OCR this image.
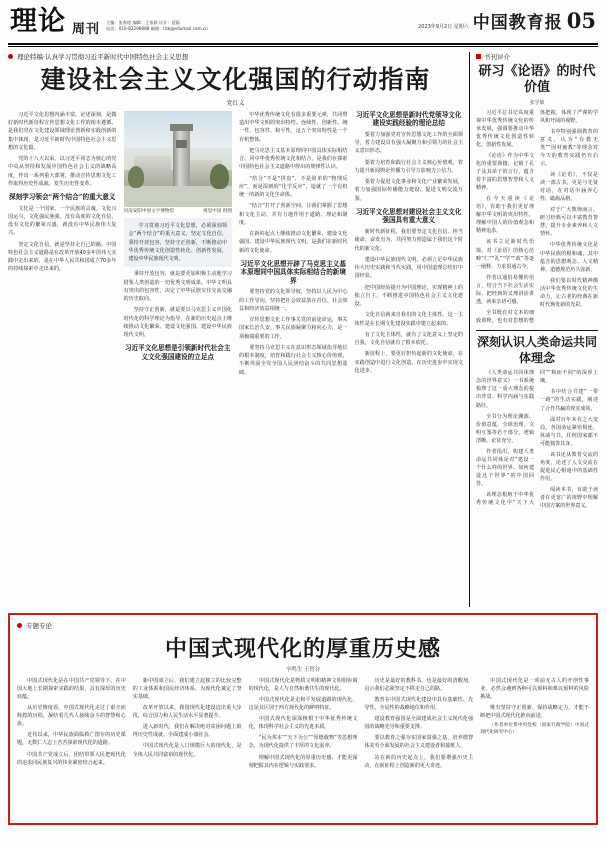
理论 周刊 主编：张春铭 编辑：王家源 设计：聂磊
电话：010-82296888 邮箱：llzk@edumail.com.cn	2023年9月2日 星期六 中国教育报 05
理论特稿·认真学习贯彻习近平新时代中国特色社会主义思想
建设社会主义文化强国的行动指南
党红义

习近平文化思想内涵丰富、论述深刻，是做好新时代新征程宣传思想文化工作的根本遵循，是我们党在文化建设领域理论创新和实践创新的集中体现，是习近平新时代中国特色社会主义思想的文化篇。

党的十八大以来，以习近平同志为核心的党中央从坚持和发展中国特色社会主义的战略高度，作出一系列重大部署，推动宣传思想文化工作取得历史性成就、发生历史性变革。

深刻学习领会“两个结合”的重大意义

文化是一个国家、一个民族的灵魂。文化兴国运兴，文化强民族强。没有高度的文化自信，没有文化的繁荣兴盛，就没有中华民族伟大复兴。

坚定文化自信，就是坚持走自己的路。中国特色社会主义道路是在改革开放40多年的伟大实践中走出来的，是在中华人民共和国成立70多年的持续探索中走出来的。

河南安阳中国文字博物馆	视觉中国 供图

学习贯彻习近平文化思想，必须深刻领会“两个结合”的重大意义，坚定文化自信，秉持开放包容，坚持守正创新，不断推动中华优秀传统文化创造性转化、创新性发展，建设中华民族现代文明。

秉持开放包容，就是要更加积极主动地学习借鉴人类创造的一切优秀文明成果。中华文明具有突出的包容性，决定了中华民族交往交流交融的历史取向。

坚持守正创新，就是要以马克思主义中国化时代化的科学理论为指导，在新的历史起点上继续推动文化繁荣、建设文化强国、建设中华民族现代文明。

习近平文化思想是引领新时代社会主义文化强国建设的立足点

中华优秀传统文化有很多重要元素，共同塑造出中华文明的突出特性。连续性、创新性、统一性、包容性、和平性，这五个突出特性是一个有机整体。

把马克思主义基本原理同中国具体实际相结合、同中华优秀传统文化相结合，是我们在探索中国特色社会主义道路中得出的规律性认识。

“结合”不是“拼盘”，不是简单的“物理反应”，而是深刻的“化学反应”，造就了一个有机统一的新的文化生命体。

“结合”打开了创新空间，让我们掌握了思想和文化主动，并有力地作用于道路、理论和制度。

在新的起点上继续推动文化繁荣、建设文化强国、建设中华民族现代文明，是我们在新时代新的文化使命。

习近平文化思想开辟了马克思主义基本原理同中国具体实际相结合的新境界

要坚持党的文化领导权，坚持以人民为中心的工作导向，坚持把社会效益放在首位、社会效益和经济效益相统一。

宣传思想文化工作事关党的前途命运，事关国家长治久安，事关民族凝聚力和向心力，是一项极端重要的工作。

要坚持马克思主义在意识形态领域指导地位的根本制度，培育和践行社会主义核心价值观，不断巩固全党全国人民团结奋斗的共同思想基础。

习近平文化思想是新时代党领导文化建设实践经验的理论总结

要着力加强党对宣传思想文化工作的全面领导，着力建设具有强大凝聚力和引领力的社会主义意识形态。

要着力培育和践行社会主义核心价值观，着力提升新闻舆论传播力引导力影响力公信力。

要着力促进文化事业和文化产业繁荣发展，着力加强国际传播能力建设、促进文明交流互鉴。

习近平文化思想对建设社会主义文化强国具有重大意义

新时代新征程，我们要坚定文化自信、担当使命、奋发有为，共同努力创造属于我们这个时代的新文化。

建设中华民族现代文明，必须立足中华民族伟大历史实践和当代实践，用中国道理总结好中国经验。

把中国经验提升为中国理论，实现精神上的独立自主，不断推进中国特色社会主义文化建设。

文化自信就来自我们的文化主体性。这一主体性是在长期文化建设实践中建立起来的。

有了文化主体性，就有了文化意义上坚定的自我，文化自信就有了根本依托。

新征程上，要更好担负起新的文化使命，在实践创造中进行文化创造，在历史进步中实现文化进步。

书刊评介
研习《论语》的时代价值
张学敏

习近平总书记高度重视中华优秀传统文化的传承发展，强调要推动中华优秀传统文化创造性转化、创新性发展。

《论语》作为中华文化的重要典籍，记载了孔子及其弟子的言行，蕴含着丰富的思想智慧和人文精神。

在今天重读《论语》，有助于我们更好理解中华文明的突出特性，理解中国人的价值观念和精神追求。

该书立足新时代语境，对《论语》的核心范畴“仁”“礼”“学”“政”等逐一阐释，力求贯通古今。

作者以通俗易懂的语言，结合当下社会生活实际，把经典的义理讲活讲透，读来亲切可感。

全书既有对文本的细致训释，也有对思想的整体把握，体现了严谨的学风和开阔的视野。

书中特别强调教育的意义，认为“有教无类”“因材施教”等理念对今天的教育实践仍有启示。

读《论语》，不仅是读一部古书，更是与先贤对话，在对话中涵养心性、砥砺品格。

对于广大教师而言，研习经典可以丰富教育智慧，提升专业素养和人文情怀。

中华优秀传统文化是中华民族的根和魂，其中蕴含的思想观念、人文精神、道德规范历久弥新。

我们要以时代精神激活中华优秀传统文化的生命力，让古老的经典在新时代焕发新的光彩。

深刻认识人类命运共同体理念

《人类命运共同体理念的世界意义》一书系统梳理了这一重大理念的提出背景、科学内涵与实践路径。

全书分为理论渊源、价值意蕴、全球治理、文明互鉴等若干部分，逻辑清晰、论证充分。

作者指出，构建人类命运共同体是对“建设一个什么样的世界、如何建设这个世界”的中国回答。

该理念根植于中华优秀传统文化中“天下大同”“和而不同”的深厚土壤。

书中结合共建“一带一路”的生动实践，阐述了合作共赢的现实成效。

面对百年未有之大变局，各国命运紧密相连，休戚与共，任何国家都不可能独善其身。

该书还从教育交流的角度，论述了人文交流在促进民心相通中的基础性作用。

阅读本书，有助于读者在更宽广的视野中理解中国方案的世界意义。

专题专论
中国式现代化的厚重历史感
辛鸣生 王智谷

中国式现代化是在中国共产党领导下、在中国大地上长期探索实践的结果，具有深厚的历史底蕴。

从历史维度看，中国式现代化走过了艰辛而辉煌的历程，凝结着几代人接续奋斗的智慧和心血。

近代以来，中华民族面临救亡图存的历史课题，无数仁人志士苦苦探索现代化的道路。

中国共产党成立后，团结带领人民把现代化的追求同民族复兴的伟业紧密结合起来。

新中国成立后，我们建立起独立的比较完整的工业体系和国民经济体系，为现代化奠定了坚实基础。

改革开放以来，我国现代化建设迈出重大步伐，综合国力和人民生活水平显著提升。

进入新时代，我们在解决绝对贫困问题上取得历史性成就，全面建成小康社会。

中国式现代化是人口规模巨大的现代化，是全体人民共同富裕的现代化。

中国式现代化是物质文明和精神文明相协调的现代化，是人与自然和谐共生的现代化。

中国式现代化是走和平发展道路的现代化，这是其区别于西方现代化的鲜明特征。

中国式现代化深深植根于中华优秀传统文化，体现科学社会主义的先进本质。

“民为邦本”“天下为公”“厚德载物”等思想理念，为现代化提供了丰厚的文化滋养。

理解中国式现代化的厚重历史感，才能更深刻把握其内在逻辑与实践要求。

历史是最好的教科书，也是最好的清醒剂，启示我们必须坚定不移走自己的路。

教育在中国式现代化建设中具有基础性、先导性、全局性的战略地位和作用。

建设教育强国是全面建成社会主义现代化强国的战略先导和重要支撑。

要以教育之强夯实国家富强之基，培养德智体美劳全面发展的社会主义建设者和接班人。

站在新的历史起点上，我们要增强历史主动，在新征程上创造新的更大奇迹。

中国式现代化是一项前无古人的开创性事业，必然会遇到各种可以预料和难以预料的风险挑战。

唯有坚持守正创新、保持战略定力，才能不断把中国式现代化推向前进。

（作者单位系中央党校（国家行政学院）中国式现代化研究中心）
